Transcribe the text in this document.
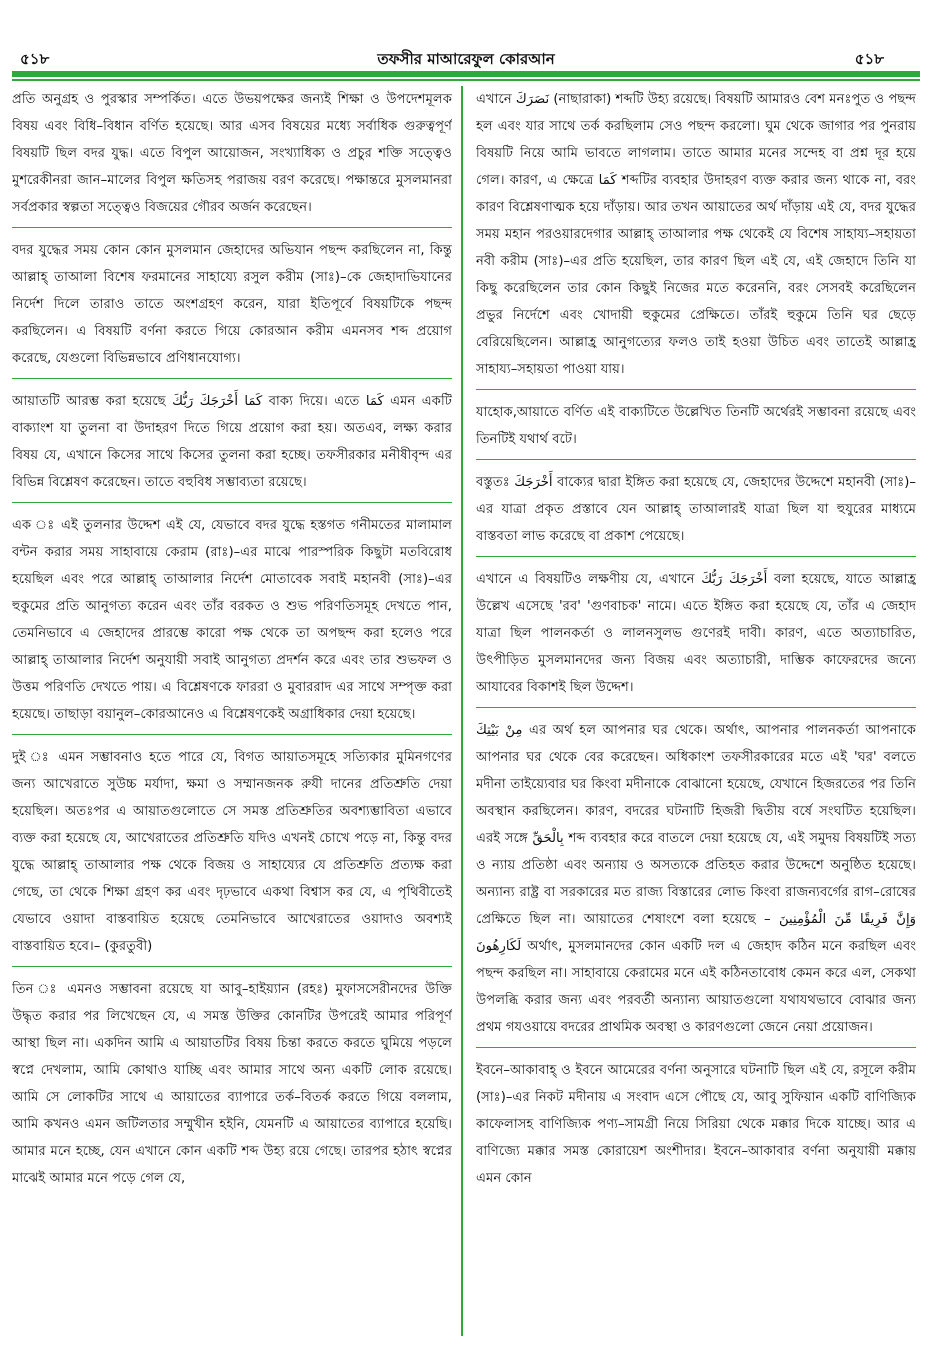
৫১৮	তফসীর মাআরেফুল কোরআন	৫১৮

প্রতি অনুগ্রহ ও পুরস্কার সম্পর্কিত। এতে উভয়পক্ষের জন্যই শিক্ষা ও উপদেশমূলক বিষয় এবং বিধি–বিধান বর্ণিত হয়েছে। আর এসব বিষয়ের মধ্যে সর্বাধিক গুরুত্বপূর্ণ বিষয়টি ছিল বদর যুদ্ধ। এতে বিপুল আয়োজন, সংখ্যাধিক্য ও প্রচুর শক্তি সত্ত্বেও মুশরেকীনরা জান–মালের বিপুল ক্ষতিসহ পরাজয় বরণ করেছে। পক্ষান্তরে মুসলমানরা সর্বপ্রকার স্বল্পতা সত্ত্বেও বিজয়ের গৌরব অর্জন করেছেন।

বদর যুদ্ধের সময় কোন কোন মুসলমান জেহাদের অভিযান পছন্দ করছিলেন না, কিন্তু আল্লাহ্ তাআলা বিশেষ ফরমানের সাহায্যে রসুল করীম (সাঃ)–কে জেহাদাভিযানের নির্দেশ দিলে তারাও তাতে অংশগ্রহণ করেন, যারা ইতিপূর্বে বিষয়টিকে পছন্দ করছিলেন। এ বিষয়টি বর্ণনা করতে গিয়ে কোরআন করীম এমনসব শব্দ প্রয়োগ করেছে, যেগুলো বিভিন্নভাবে প্রণিধানযোগ্য।

আয়াতটি আরম্ভ করা হয়েছে كَمَا أَخْرَجَكَ رَبُّكَ বাক্য দিয়ে। এতে كَمَا এমন একটি বাক্যাংশ যা তুলনা বা উদাহরণ দিতে গিয়ে প্রয়োগ করা হয়। অতএব, লক্ষ্য করার বিষয় যে, এখানে কিসের সাথে কিসের তুলনা করা হচ্ছে। তফসীরকার মনীষীবৃন্দ এর বিভিন্ন বিশ্লেষণ করেছেন। তাতে বহুবিধ সম্ভাব্যতা রয়েছে।

এক ঃ এই তুলনার উদ্দেশ এই যে, যেভাবে বদর যুদ্ধে হস্তগত গনীমতের মালামাল বন্টন করার সময় সাহাবায়ে কেরাম (রাঃ)–এর মাঝে পারস্পরিক কিছুটা মতবিরোধ হয়েছিল এবং পরে আল্লাহ্ তাআলার নির্দেশ মোতাবেক সবাই মহানবী (সাঃ)–এর হুকুমের প্রতি আনুগত্য করেন এবং তাঁর বরকত ও শুভ পরিণতিসমূহ দেখতে পান, তেমনিভাবে এ জেহাদের প্রারম্ভে কারো পক্ষ থেকে তা অপছন্দ করা হলেও পরে আল্লাহ্ তাআলার নির্দেশ অনুযায়ী সবাই আনুগত্য প্রদর্শন করে এবং তার শুভফল ও উত্তম পরিণতি দেখতে পায়। এ বিশ্লেষণকে ফাররা ও মুবাররাদ এর সাথে সম্পৃক্ত করা হয়েছে। তাছাড়া বয়ানুল–কোরআনেও এ বিশ্লেষণকেই অগ্রাধিকার দেয়া হয়েছে।

দুই ঃ এমন সম্ভাবনাও হতে পারে যে, বিগত আয়াতসমূহে সত্যিকার মুমিনগণের জন্য আখেরাতে সুউচ্চ মর্যাদা, ক্ষমা ও সম্মানজনক রুযী দানের প্রতিশ্রুতি দেয়া হয়েছিল। অতঃপর এ আয়াতগুলোতে সে সমস্ত প্রতিশ্রুতির অবশ্যম্ভাবিতা এভাবে ব্যক্ত করা হয়েছে যে, আখেরাতের প্রতিশ্রুতি যদিও এখনই চোখে পড়ে না, কিন্তু বদর যুদ্ধে আল্লাহ্ তাআলার পক্ষ থেকে বিজয় ও সাহায্যের যে প্রতিশ্রুতি প্রত্যক্ষ করা গেছে, তা থেকে শিক্ষা গ্রহণ কর এবং দৃঢ়ভাবে একথা বিশ্বাস কর যে, এ পৃথিবীতেই যেভাবে ওয়াদা বাস্তবায়িত হয়েছে তেমনিভাবে আখেরাতের ওয়াদাও অবশ্যই বাস্তবায়িত হবে।– (কুরতুবী)

তিন ঃ এমনও সম্ভাবনা রয়েছে যা আবু–হাইয়্যান (রহঃ) মুফাসসেরীনদের উক্তি উদ্ধৃত করার পর লিখেছেন যে, এ সমস্ত উক্তির কোনটির উপরেই আমার পরিপূর্ণ আস্থা ছিল না। একদিন আমি এ আয়াতটির বিষয় চিন্তা করতে করতে ঘুমিয়ে পড়লে স্বপ্নে দেখলাম, আমি কোথাও যাচ্ছি এবং আমার সাথে অন্য একটি লোক রয়েছে। আমি সে লোকটির সাথে এ আয়াতের ব্যাপারে তর্ক–বিতর্ক করতে গিয়ে বললাম, আমি কখনও এমন জটিলতার সম্মুখীন হইনি, যেমনটি এ আয়াতের ব্যাপারে হয়েছি। আমার মনে হচ্ছে, যেন এখানে কোন একটি শব্দ উহ্য রয়ে গেছে। তারপর হঠাৎ স্বপ্নের মাঝেই আমার মনে পড়ে গেল যে,

এখানে نَصَرَكَ (নাছারাকা) শব্দটি উহ্য রয়েছে। বিষয়টি আমারও বেশ মনঃপুত ও পছন্দ হল এবং যার সাথে তর্ক করছিলাম সেও পছন্দ করলো। ঘুম থেকে জাগার পর পুনরায় বিষয়টি নিয়ে আমি ভাবতে লাগলাম। তাতে আমার মনের সন্দেহ বা প্রশ্ন দূর হয়ে গেল। কারণ, এ ক্ষেত্রে كَمَا শব্দটির ব্যবহার উদাহরণ ব্যক্ত করার জন্য থাকে না, বরং কারণ বিশ্লেষণাত্মক হয়ে দাঁড়ায়। আর তখন আয়াতের অর্থ দাঁড়ায় এই যে, বদর যুদ্ধের সময় মহান পরওয়ারদেগার আল্লাহ্ তাআলার পক্ষ থেকেই যে বিশেষ সাহায্য–সহায়তা নবী করীম (সাঃ)–এর প্রতি হয়েছিল, তার কারণ ছিল এই যে, এই জেহাদে তিনি যা কিছু করেছিলেন তার কোন কিছুই নিজের মতে করেননি, বরং সেসবই করেছিলেন প্রভুর নির্দেশে এবং খোদায়ী হুকুমের প্রেক্ষিতে। তাঁরই হুকুমে তিনি ঘর ছেড়ে বেরিয়েছিলেন। আল্লাহ্র আনুগত্যের ফলও তাই হওয়া উচিত এবং তাতেই আল্লাহ্র সাহায্য–সহায়তা পাওয়া যায়।

যাহোক,আয়াতে বর্ণিত এই বাক্যটিতে উল্লেখিত তিনটি অর্থেরই সম্ভাবনা রয়েছে এবং তিনটিই যথার্থ বটে।

বস্তুতঃ أَخْرَجَكَ বাক্যের দ্বারা ইঙ্গিত করা হয়েছে যে, জেহাদের উদ্দেশে মহানবী (সাঃ)–এর যাত্রা প্রকৃত প্রস্তাবে যেন আল্লাহ্ তাআলারই যাত্রা ছিল যা হুযুরের মাধ্যমে বাস্তবতা লাভ করেছে বা প্রকাশ পেয়েছে।

এখানে এ বিষয়টিও লক্ষণীয় যে, এখানে أَخْرَجَكَ رَبُّكَ বলা হয়েছে, যাতে আল্লাহ্র উল্লেখ এসেছে 'রব' 'গুণবাচক' নামে। এতে ইঙ্গিত করা হয়েছে যে, তাঁর এ জেহাদ যাত্রা ছিল পালনকর্তা ও লালনসুলভ গুণেরই দাবী। কারণ, এতে অত্যাচারিত, উৎপীড়িত মুসলমানদের জন্য বিজয় এবং অত্যাচারী, দাম্ভিক কাফেরদের জন্যে আযাবের বিকাশই ছিল উদ্দেশ।

مِنْ بَيْتِكَ এর অর্থ হল আপনার ঘর থেকে। অর্থাৎ, আপনার পালনকর্তা আপনাকে আপনার ঘর থেকে বের করেছেন। অধিকাংশ তফসীরকারের মতে এই 'ঘর' বলতে মদীনা তাইয়্যেবার ঘর কিংবা মদীনাকে বোঝানো হয়েছে, যেখানে হিজরতের পর তিনি অবস্থান করছিলেন। কারণ, বদরের ঘটনাটি হিজরী দ্বিতীয় বর্ষে সংঘটিত হয়েছিল। এরই সঙ্গে بِالْحَقِّ শব্দ ব্যবহার করে বাতলে দেয়া হয়েছে যে, এই সমুদয় বিষয়টিই সত্য ও ন্যায় প্রতিষ্ঠা এবং অন্যায় ও অসত্যকে প্রতিহত করার উদ্দেশে অনুষ্ঠিত হয়েছে। অন্যান্য রাষ্ট্র বা সরকারের মত রাজ্য বিস্তারের লোভ কিংবা রাজন্যবর্গের রাগ–রোষের প্রেক্ষিতে ছিল না। আয়াতের শেষাংশে বলা হয়েছে – وَإِنَّ فَرِيقًا مِّنَ الْمُؤْمِنِينَ لَكَارِهُونَ অর্থাৎ, মুসলমানদের কোন একটি দল এ জেহাদ কঠিন মনে করছিল এবং পছন্দ করছিল না। সাহাবায়ে কেরামের মনে এই কঠিনতাবোধ কেমন করে এল, সেকথা উপলব্ধি করার জন্য এবং পরবর্তী অন্যান্য আয়াতগুলো যথাযথভাবে বোঝার জন্য প্রথম গযওয়ায়ে বদরের প্রাথমিক অবস্থা ও কারণগুলো জেনে নেয়া প্রয়োজন।

ইবনে–আকাবাহ্ ও ইবনে আমেরের বর্ণনা অনুসারে ঘটনাটি ছিল এই যে, রসূলে করীম (সাঃ)–এর নিকট মদীনায় এ সংবাদ এসে পৌছে যে, আবু সুফিয়ান একটি বাণিজ্যিক কাফেলাসহ বাণিজ্যিক পণ্য–সামগ্রী নিয়ে সিরিয়া থেকে মক্কার দিকে যাচ্ছে। আর এ বাণিজ্যে মক্কার সমস্ত কোরায়েশ অংশীদার। ইবনে–আকাবার বর্ণনা অনুযায়ী মক্কায় এমন কোন
